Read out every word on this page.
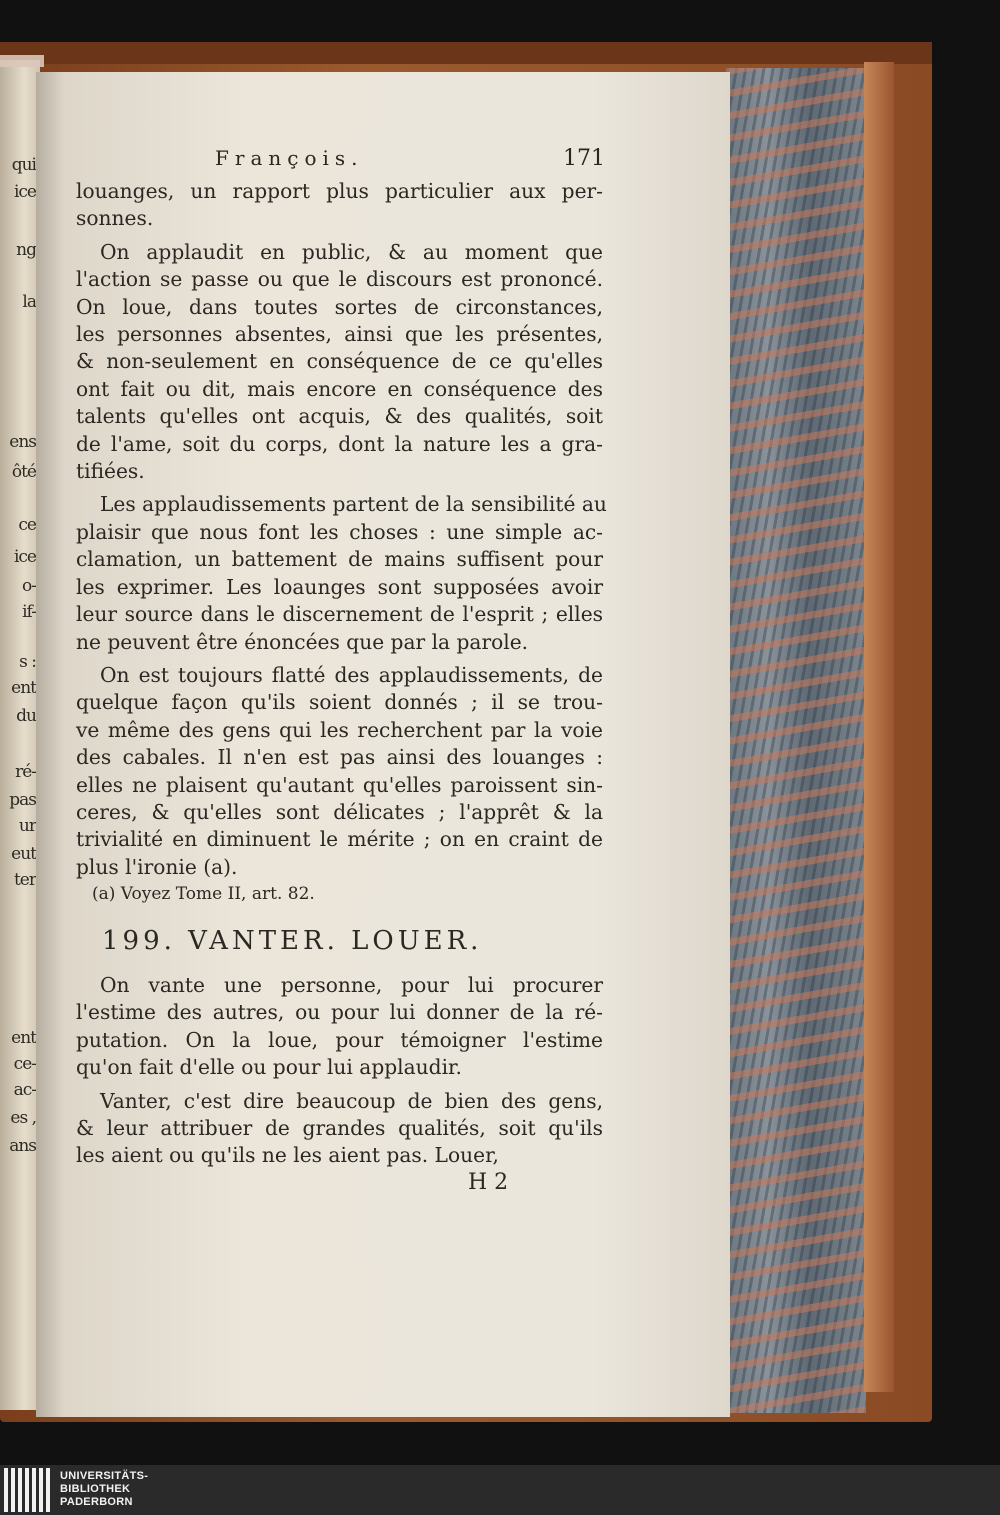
qui
ice
ng
la
ens
ôté
ce
ice
o-
if-
s :
ent
du
ré-
pas
ur
eut
ter
ent
ce-
ac-
es ,
ans
François.	171
louanges, un rapport plus particulier aux per-
sonnes.
On applaudit en public, & au moment que
l'action se passe ou que le discours est prononcé.
On loue, dans toutes sortes de circonstances,
les personnes absentes, ainsi que les présentes,
& non-seulement en conséquence de ce qu'elles
ont fait ou dit, mais encore en conséquence des
talents qu'elles ont acquis, & des qualités, soit
de l'ame, soit du corps, dont la nature les a gra-
tifiées.
Les applaudissements partent de la sensibilité au
plaisir que nous font les choses : une simple ac-
clamation, un battement de mains suffisent pour
les exprimer. Les loaunges sont supposées avoir
leur source dans le discernement de l'esprit ; elles
ne peuvent être énoncées que par la parole.
On est toujours flatté des applaudissements, de
quelque façon qu'ils soient donnés ; il se trou-
ve même des gens qui les recherchent par la voie
des cabales. Il n'en est pas ainsi des louanges :
elles ne plaisent qu'autant qu'elles paroissent sin-
ceres, & qu'elles sont délicates ; l'apprêt & la
trivialité en diminuent le mérite ; on en craint de
plus l'ironie (a).
(a) Voyez Tome II, art. 82.
199. VANTER. LOUER.
On vante une personne, pour lui procurer
l'estime des autres, ou pour lui donner de la ré-
putation. On la loue, pour témoigner l'estime
qu'on fait d'elle ou pour lui applaudir.
Vanter, c'est dire beaucoup de bien des gens,
& leur attribuer de grandes qualités, soit qu'ils
les aient ou qu'ils ne les aient pas. Louer,
H 2
UNIVERSITÄTS-
BIBLIOTHEK
PADERBORN
